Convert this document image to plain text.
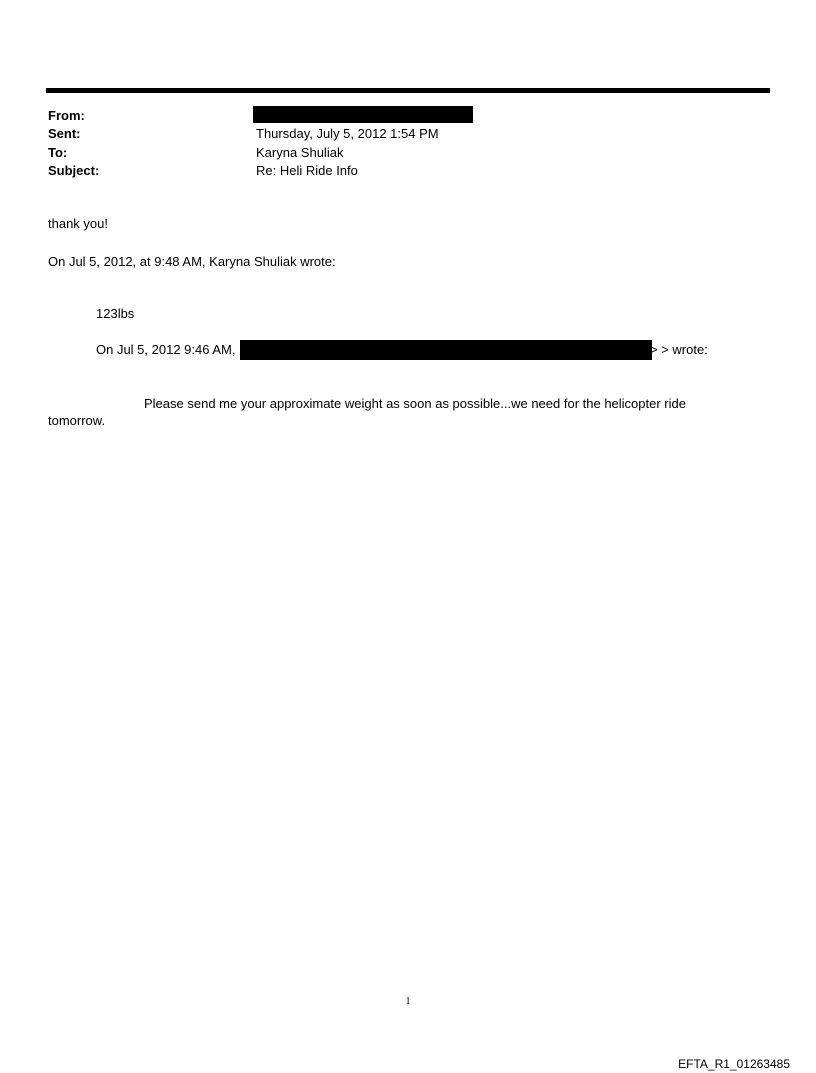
From:
Sent:	Thursday, July 5, 2012 1:54 PM
To:	Karyna Shuliak
Subject:	Re: Heli Ride Info
thank you!
On Jul 5, 2012, at 9:48 AM, Karyna Shuliak wrote:
123lbs
On Jul 5, 2012 9:46 AM,	> > wrote:
Please send me your approximate weight as soon as possible...we need for the helicopter ride
tomorrow.
1
EFTA_R1_01263485
